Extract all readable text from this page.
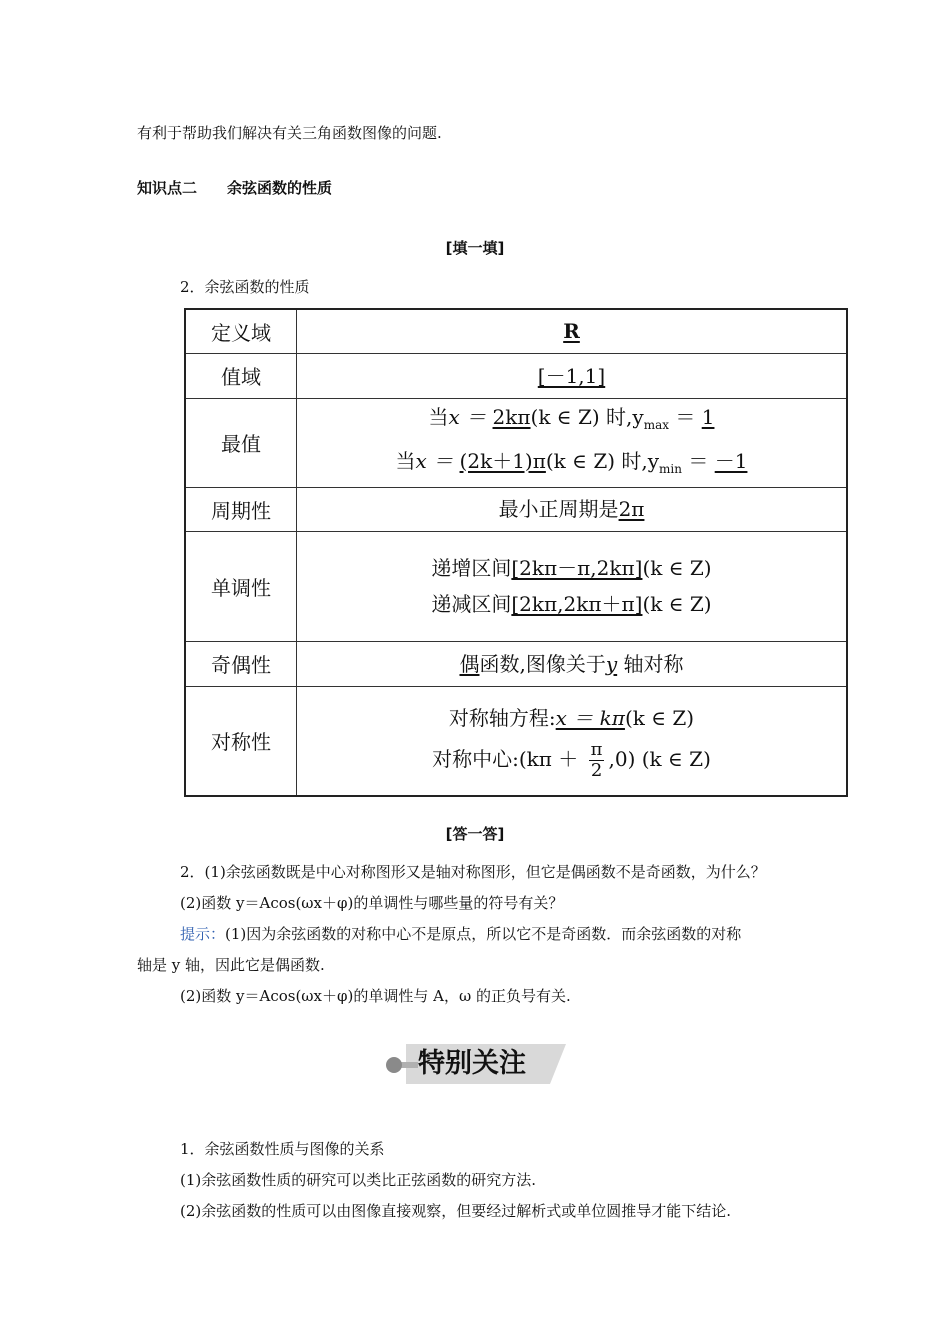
有利于帮助我们解决有关三角函数图像的问题.
知识点二　　余弦函数的性质
[填一填]
2．余弦函数的性质
定义域	R
值域	[－1,1]
最值	当x ＝ 2kπ(k ∈ Z) 时$,y_{max} = 1$
当x ＝ (2k＋1)π(k ∈ Z) 时$,y_{min} = -1$

周期性	最小正周期是2π
单调性	递增区间[2kπ－π,2kπ](k ∈ Z)
递减区间[2kπ,2kπ＋π](k ∈ Z)

奇偶性	偶函数,图像关于y 轴对称
对称性	对称轴方程:x ＝ kπ(k ∈ Z)
对称中心:(kπ ＋ $\frac{\pi}{2} ,0$) (k ∈ Z)
[答一答]
2．(1)余弦函数既是中心对称图形又是轴对称图形，但它是偶函数不是奇函数，为什么？
(2)函数 y＝Acos(ωx＋φ)的单调性与哪些量的符号有关？
提示：(1)因为余弦函数的对称中心不是原点，所以它不是奇函数．而余弦函数的对称
轴是 y 轴，因此它是偶函数.
(2)函数 y＝Acos(ωx＋φ)的单调性与 A，ω 的正负号有关.
特别关注
1．余弦函数性质与图像的关系
(1)余弦函数性质的研究可以类比正弦函数的研究方法.
(2)余弦函数的性质可以由图像直接观察，但要经过解析式或单位圆推导才能下结论.
